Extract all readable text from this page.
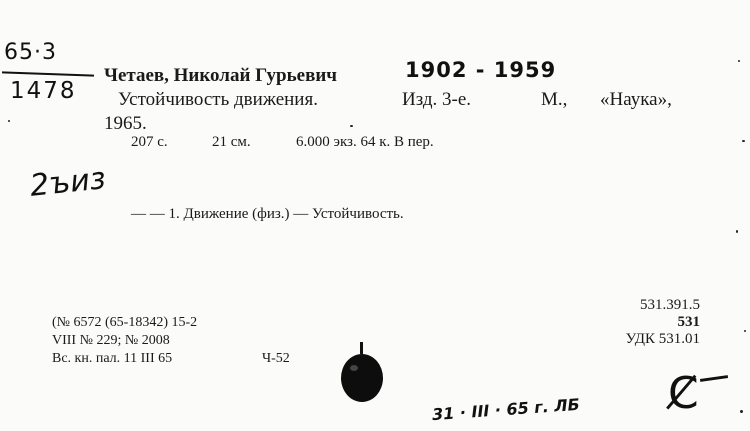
65·3
1478
Четаев, Николай Гурьевич	1902 - 1959
Устойчивость движения.	Изд. 3-е.	М., «Наука»,
1965.
207 с.	21 см.	6.000 экз. 64 к. В пер.
2ъиз
— — 1. Движение (физ.) — Устойчивость.
531.391.5
531
УДК 531.01
(№ 6572 (65-18342) 15-2
VIII № 229; № 2008
Вс. кн. пал. 11 III 65	Ч-52
31 · III · 65 г. ЛБ C̸
